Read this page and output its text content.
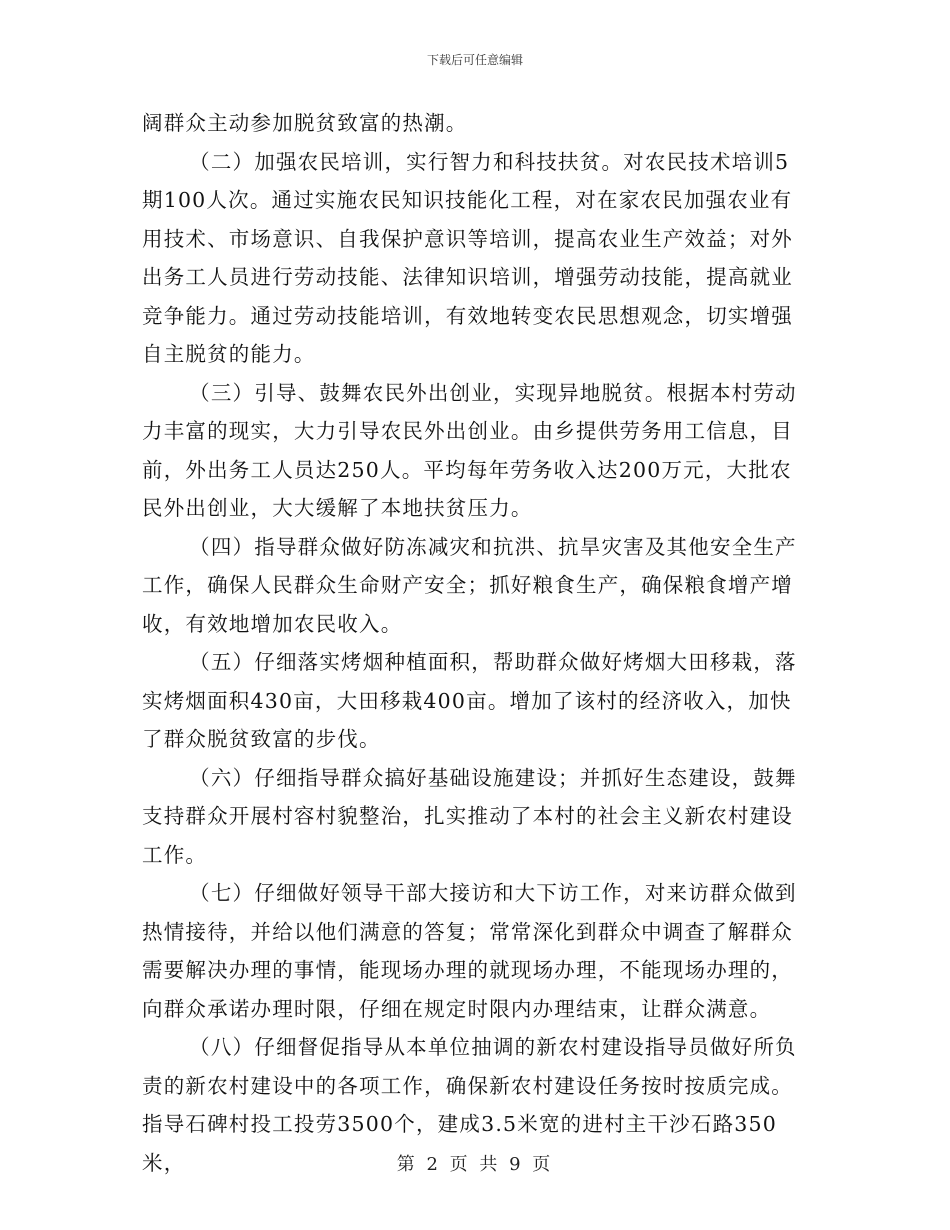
下载后可任意编辑

阔群众主动参加脱贫致富的热潮。

（二）加强农民培训，实行智力和科技扶贫。对农民技术培训5期100人次。通过实施农民知识技能化工程，对在家农民加强农业有用技术、市场意识、自我保护意识等培训，提高农业生产效益；对外出务工人员进行劳动技能、法律知识培训，增强劳动技能，提高就业竞争能力。通过劳动技能培训，有效地转变农民思想观念，切实增强自主脱贫的能力。

（三）引导、鼓舞农民外出创业，实现异地脱贫。根据本村劳动力丰富的现实，大力引导农民外出创业。由乡提供劳务用工信息，目前，外出务工人员达250人。平均每年劳务收入达200万元，大批农民外出创业，大大缓解了本地扶贫压力。

（四）指导群众做好防冻减灾和抗洪、抗旱灾害及其他安全生产工作，确保人民群众生命财产安全；抓好粮食生产，确保粮食增产增收，有效地增加农民收入。

（五）仔细落实烤烟种植面积，帮助群众做好烤烟大田移栽，落实烤烟面积430亩，大田移栽400亩。增加了该村的经济收入，加快了群众脱贫致富的步伐。

（六）仔细指导群众搞好基础设施建设；并抓好生态建设，鼓舞支持群众开展村容村貌整治，扎实推动了本村的社会主义新农村建设工作。

（七）仔细做好领导干部大接访和大下访工作，对来访群众做到热情接待，并给以他们满意的答复；常常深化到群众中调查了解群众需要解决办理的事情，能现场办理的就现场办理，不能现场办理的，向群众承诺办理时限，仔细在规定时限内办理结束，让群众满意。

（八）仔细督促指导从本单位抽调的新农村建设指导员做好所负责的新农村建设中的各项工作，确保新农村建设任务按时按质完成。指导石碑村投工投劳3500个，建成3.5米宽的进村主干沙石路350米，	第 2 页 共 9 页
